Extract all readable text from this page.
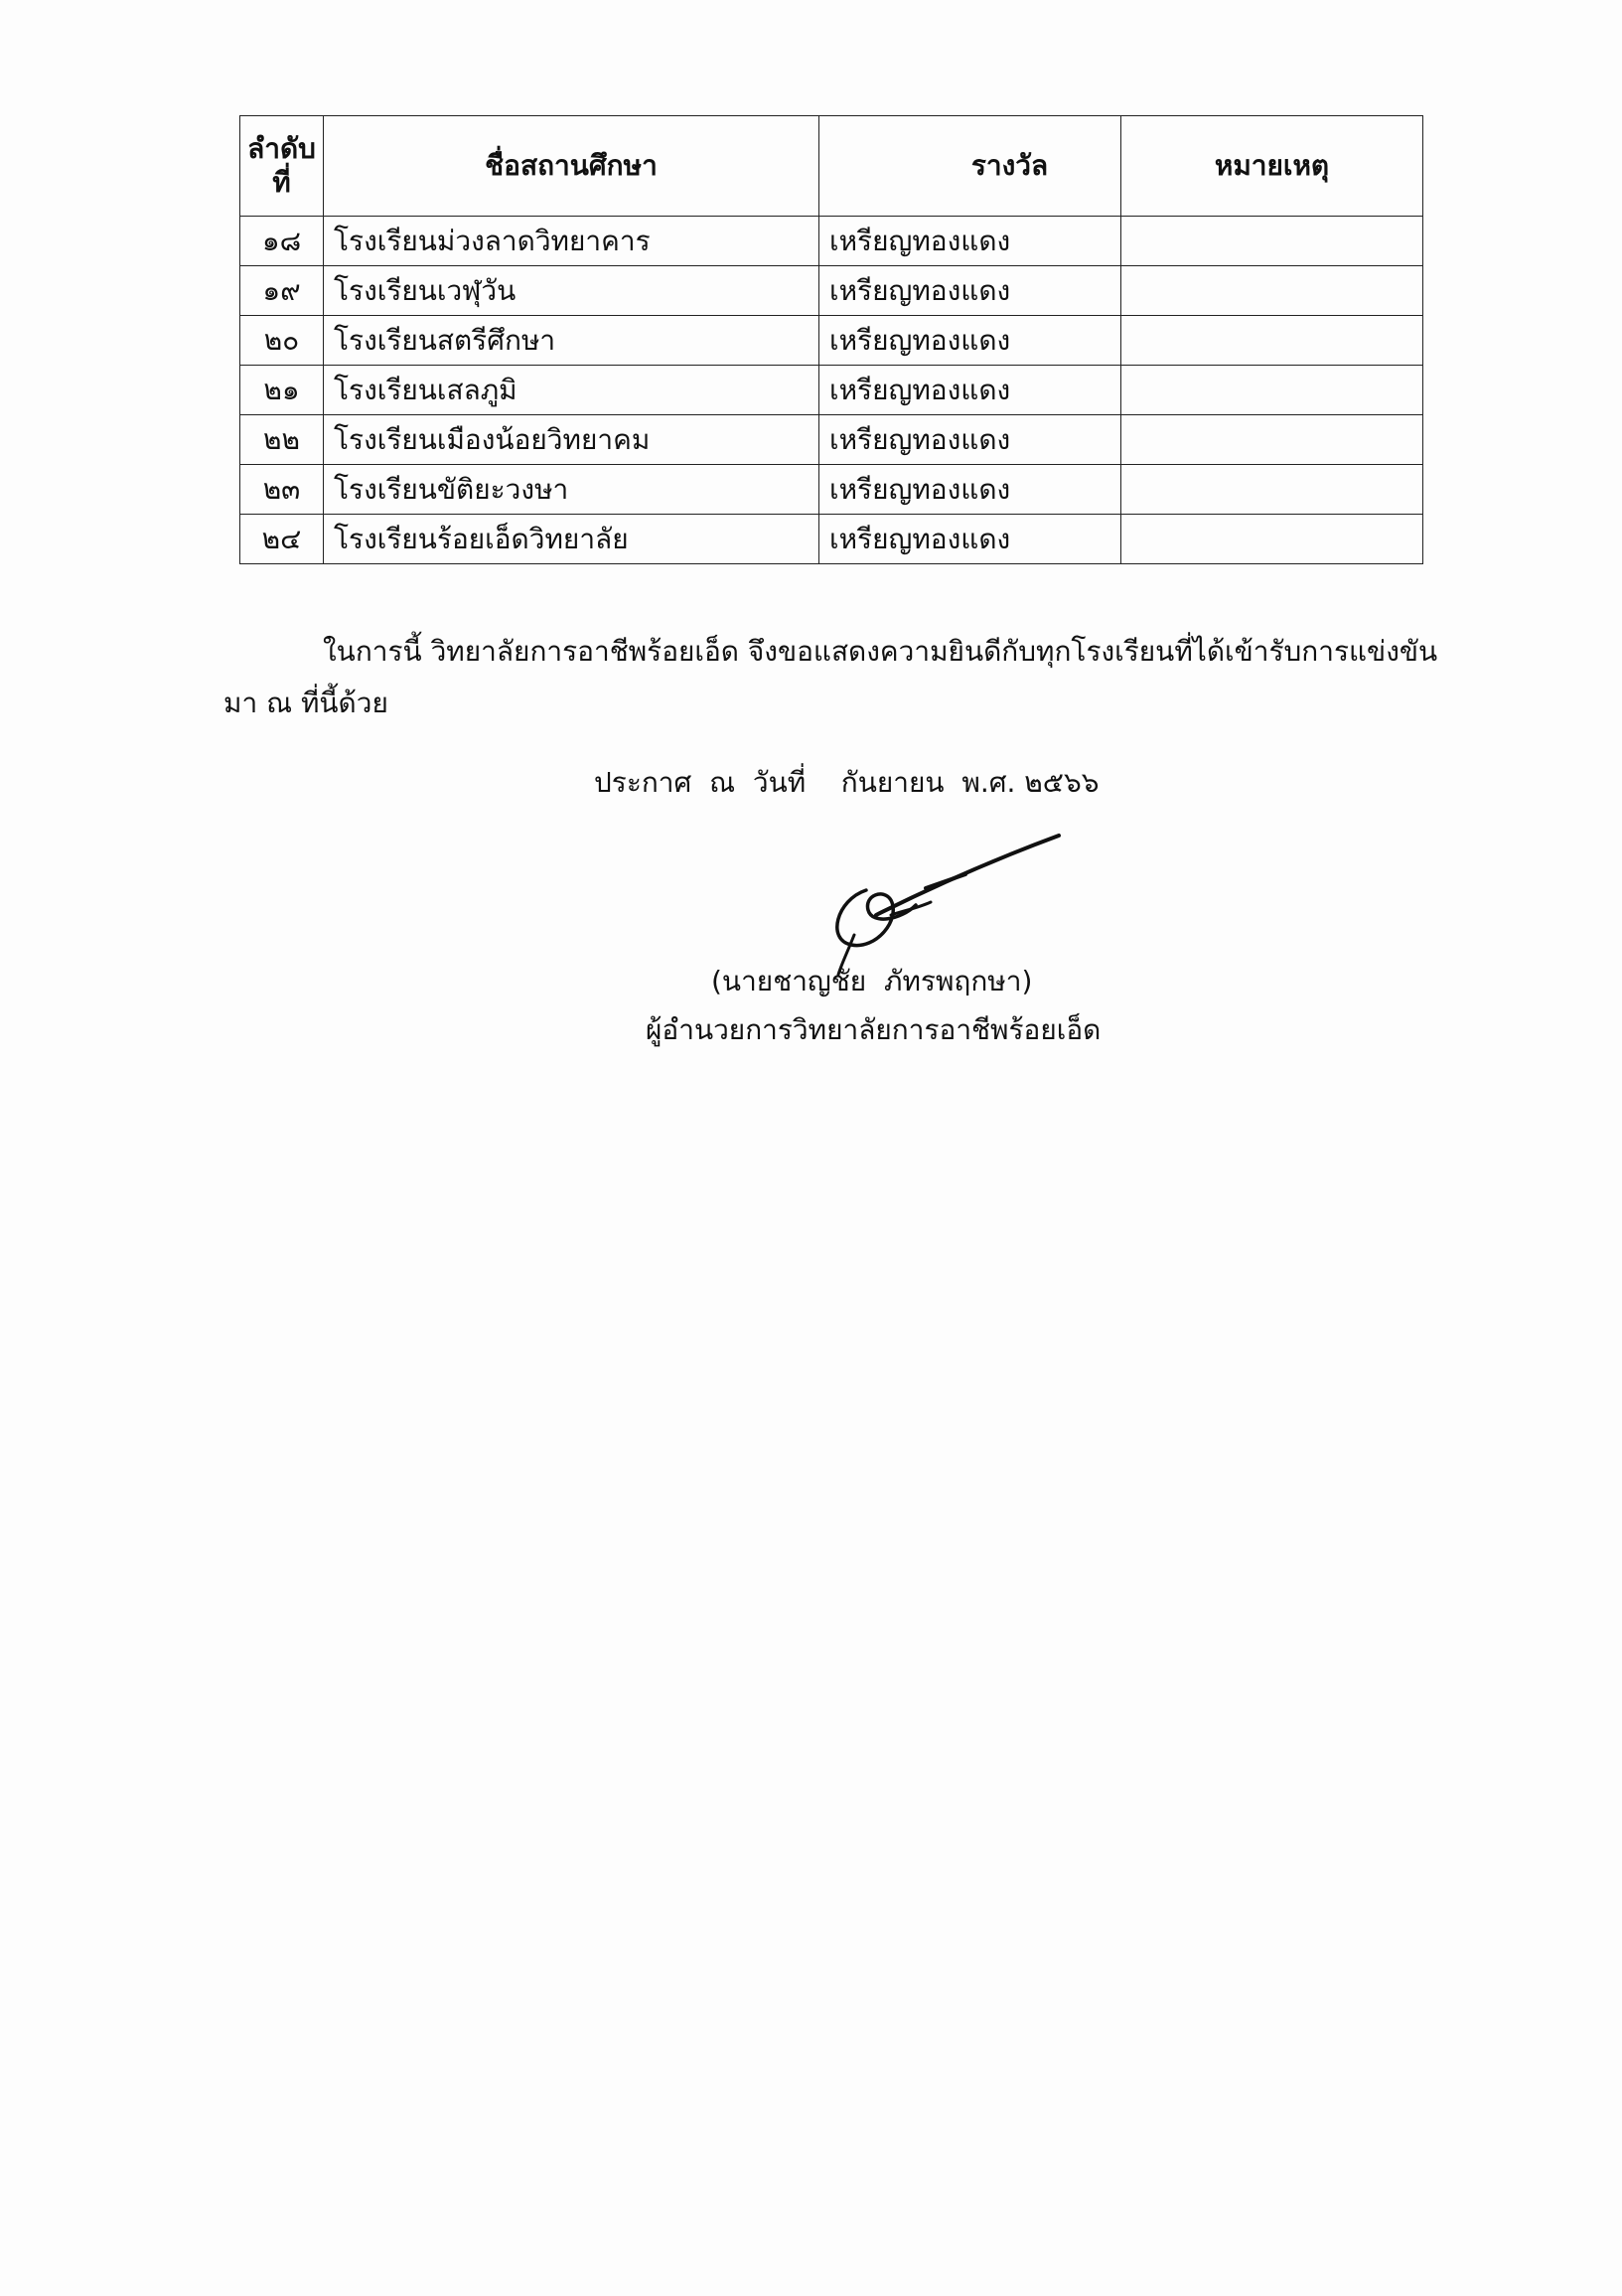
ลำดับ ที่	ชื่อสถานศึกษา	รางวัล	หมายเหตุ
๑๘	โรงเรียนม่วงลาดวิทยาคาร	เหรียญทองแดง	
๑๙	โรงเรียนเวฬุวัน	เหรียญทองแดง	
๒๐	โรงเรียนสตรีศึกษา	เหรียญทองแดง	
๒๑	โรงเรียนเสลภูมิ	เหรียญทองแดง	
๒๒	โรงเรียนเมืองน้อยวิทยาคม	เหรียญทองแดง	
๒๓	โรงเรียนขัติยะวงษา	เหรียญทองแดง	
๒๔	โรงเรียนร้อยเอ็ดวิทยาลัย	เหรียญทองแดง	
ในการนี้ วิทยาลัยการอาชีพร้อยเอ็ด จึงขอแสดงความยินดีกับทุกโรงเรียนที่ได้เข้ารับการแข่งขัน
มา ณ ที่นี้ด้วย
ประกาศ  ณ  วันที่    กันยายน  พ.ศ. ๒๕๖๖
(นายชาญชัย  ภัทรพฤกษา)
ผู้อำนวยการวิทยาลัยการอาชีพร้อยเอ็ด
